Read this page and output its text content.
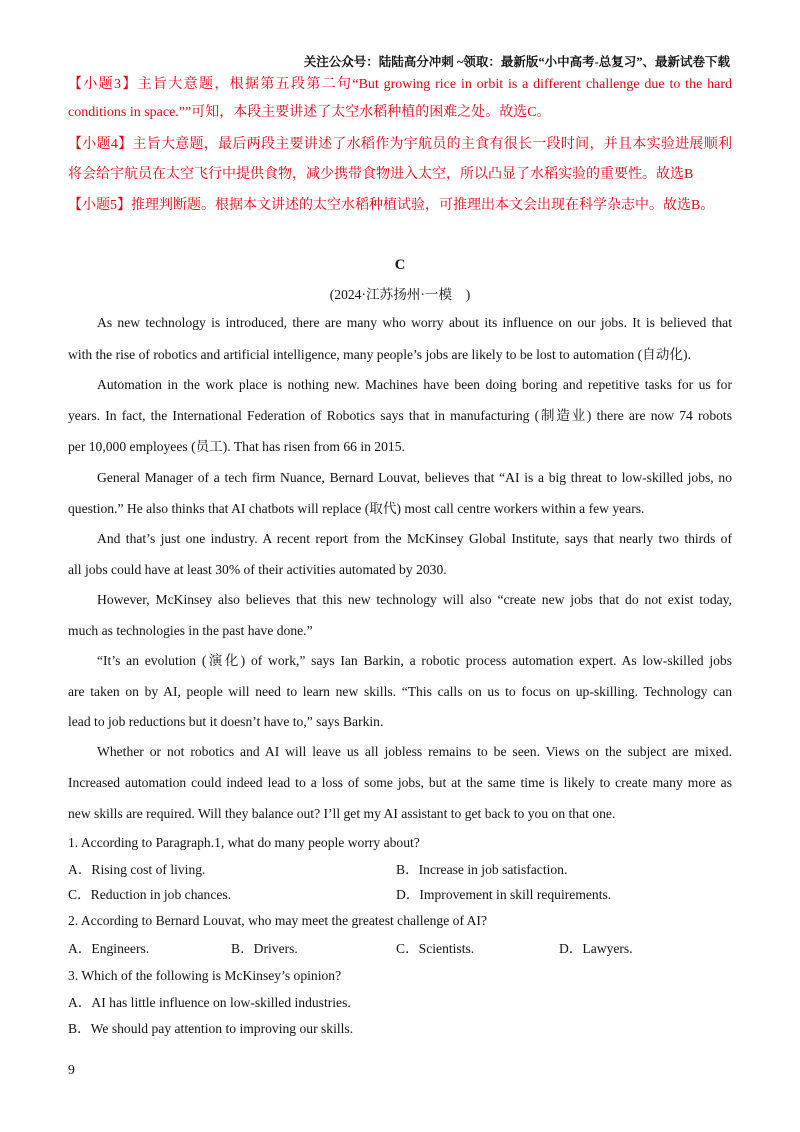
关注公众号：陆陆高分冲刺 ~领取：最新版“小中高考-总复习”、最新试卷下载
【小题3】主旨大意题，根据第五段第二句“But growing rice in orbit is a different challenge due to the hard
conditions in space.””可知，本段主要讲述了太空水稻种植的困难之处。故选C。
【小题4】主旨大意题，最后两段主要讲述了水稻作为宇航员的主食有很长一段时间，并且本实验进展顺利
将会给宇航员在太空飞行中提供食物，减少携带食物进入太空，所以凸显了水稻实验的重要性。故选B
【小题5】推理判断题。根据本文讲述的太空水稻种植试验，可推理出本文会出现在科学杂志中。故选B。
C
(2024·江苏扬州·一模　)
As new technology is introduced, there are many who worry about its influence on our jobs. It is believed that
with the rise of robotics and artificial intelligence, many people’s jobs are likely to be lost to automation (自动化).
Automation in the work place is nothing new. Machines have been doing boring and repetitive tasks for us for
years. In fact, the International Federation of Robotics says that in manufacturing (制造业) there are now 74 robots
per 10,000 employees (员工). That has risen from 66 in 2015.
General Manager of a tech firm Nuance, Bernard Louvat, believes that “AI is a big threat to low-skilled jobs, no
question.” He also thinks that AI chatbots will replace (取代) most call centre workers within a few years.
And that’s just one industry. A recent report from the McKinsey Global Institute, says that nearly two thirds of
all jobs could have at least 30% of their activities automated by 2030.
However, McKinsey also believes that this new technology will also “create new jobs that do not exist today,
much as technologies in the past have done.”
“It’s an evolution (演化) of work,” says Ian Barkin, a robotic process automation expert. As low-skilled jobs
are taken on by AI, people will need to learn new skills. “This calls on us to focus on up-skilling. Technology can
lead to job reductions but it doesn’t have to,” says Barkin.
Whether or not robotics and AI will leave us all jobless remains to be seen. Views on the subject are mixed.
Increased automation could indeed lead to a loss of some jobs, but at the same time is likely to create many more as
new skills are required. Will they balance out? I’ll get my AI assistant to get back to you on that one.
1. According to Paragraph.1, what do many people worry about?
A．Rising cost of living.	B．Increase in job satisfaction.
C．Reduction in job chances.	D．Improvement in skill requirements.
2. According to Bernard Louvat, who may meet the greatest challenge of AI?
A．Engineers.	B．Drivers.	C．Scientists.	D．Lawyers.
3. Which of the following is McKinsey’s opinion?
A．AI has little influence on low-skilled industries.
B．We should pay attention to improving our skills.
9
